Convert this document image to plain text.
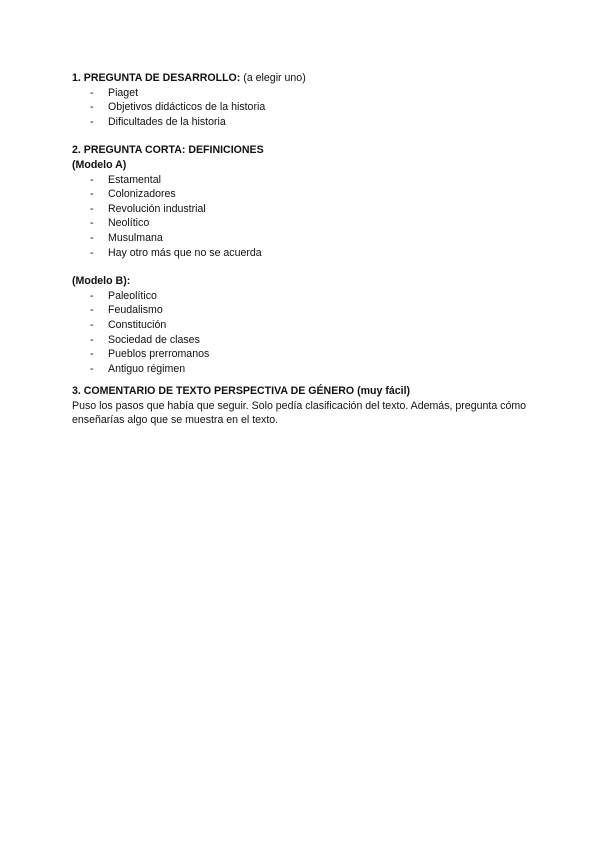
1. PREGUNTA DE DESARROLLO: (a elegir uno)

- Piaget
- Objetivos didácticos de la historia
- Dificultades de la historia

2. PREGUNTA CORTA: DEFINICIONES

(Modelo A)

- Estamental
- Colonizadores
- Revolución industrial
- Neolítico
- Musulmana
- Hay otro más que no se acuerda

(Modelo B):

- Paleolítico
- Feudalismo
- Constitución
- Sociedad de clases
- Pueblos prerromanos
- Antiguo régimen

3. COMENTARIO DE TEXTO PERSPECTIVA DE GÉNERO (muy fácil)

Puso los pasos que había que seguir. Solo pedía clasificación del texto. Además, pregunta cómo enseñarías algo que se muestra en el texto.
